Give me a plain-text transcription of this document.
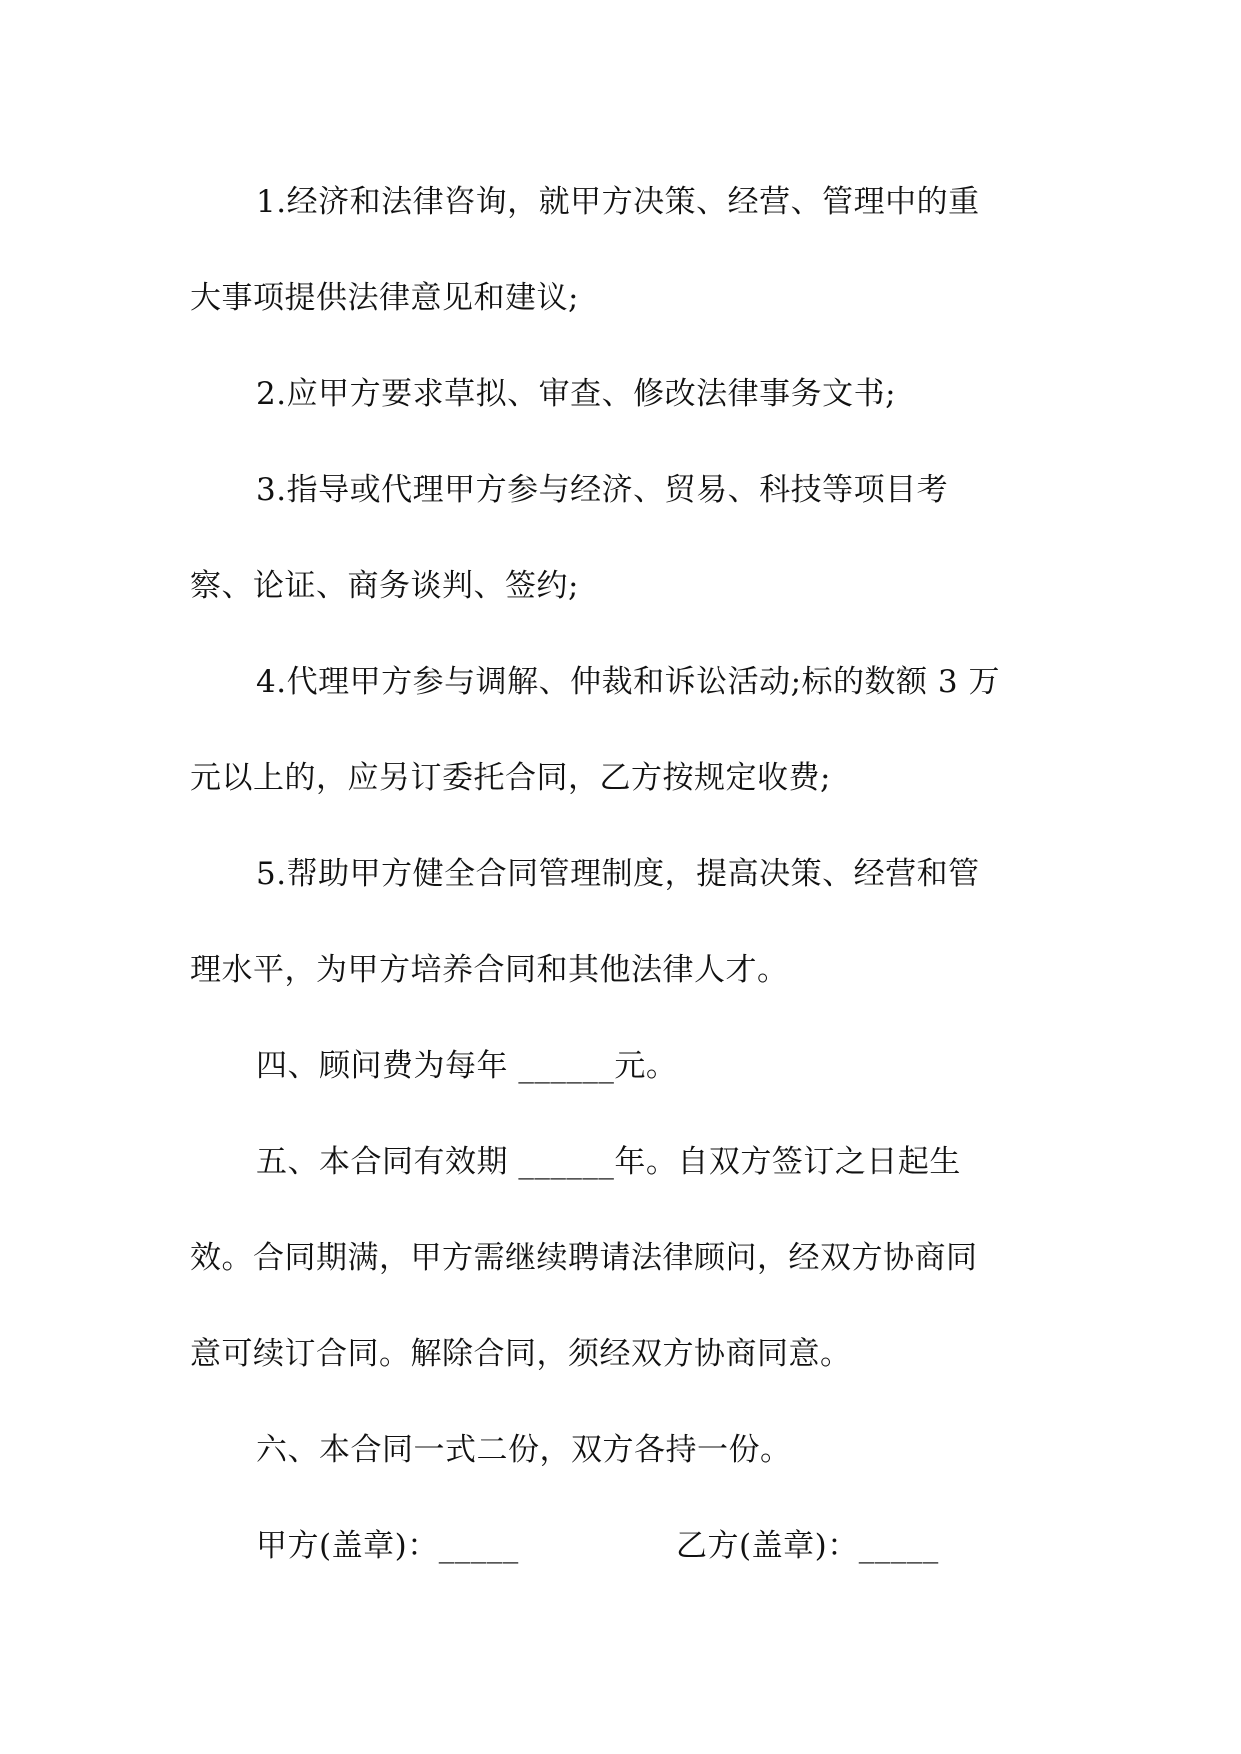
1.经济和法律咨询，就甲方决策、经营、管理中的重
大事项提供法律意见和建议;
2.应甲方要求草拟、审查、修改法律事务文书;
3.指导或代理甲方参与经济、贸易、科技等项目考
察、论证、商务谈判、签约;
4.代理甲方参与调解、仲裁和诉讼活动;标的数额 3 万
元以上的，应另订委托合同，乙方按规定收费;
5.帮助甲方健全合同管理制度，提高决策、经营和管
理水平，为甲方培养合同和其他法律人才。
四、顾问费为每年 ______元。
五、本合同有效期 ______年。自双方签订之日起生
效。合同期满，甲方需继续聘请法律顾问，经双方协商同
意可续订合同。解除合同，须经双方协商同意。
六、本合同一式二份，双方各持一份。
甲方(盖章)：_____	乙方(盖章)：_____
